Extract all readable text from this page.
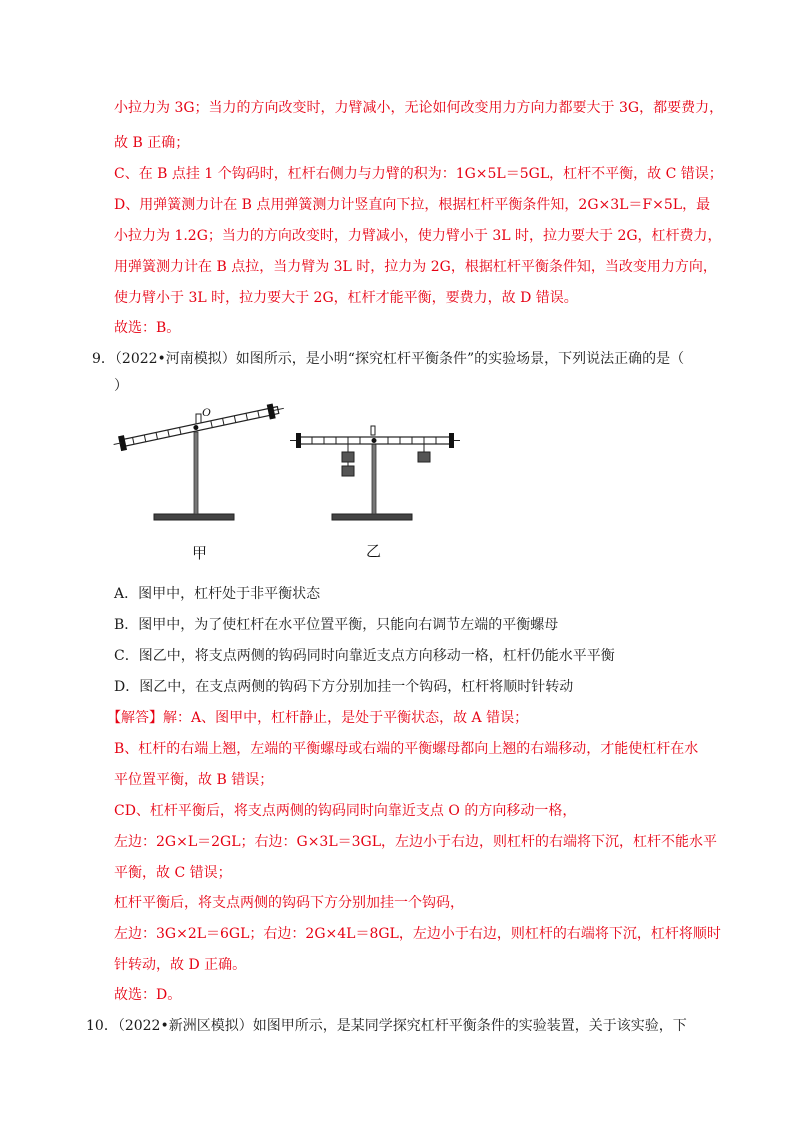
小拉力为 3G；当力的方向改变时，力臂减小，无论如何改变用力方向力都要大于 3G，都要费力，
故 B 正确；
C、在 B 点挂 1 个钩码时，杠杆右侧力与力臂的积为：1G×5L＝5GL，杠杆不平衡，故 C 错误；
D、用弹簧测力计在 B 点用弹簧测力计竖直向下拉，根据杠杆平衡条件知，2G×3L＝F×5L，最
小拉力为 1.2G；当力的方向改变时，力臂减小，使力臂小于 3L 时，拉力要大于 2G，杠杆费力，
用弹簧测力计在 B 点拉，当力臂为 3L 时，拉力为 2G，根据杠杆平衡条件知，当改变用力方向，
使力臂小于 3L 时，拉力要大于 2G，杠杆才能平衡，要费力，故 D 错误。
故选：B。
9．（2022•河南模拟）如图所示，是小明“探究杠杆平衡条件”的实验场景，下列说法正确的是（
）
O
甲	乙
A．图甲中，杠杆处于非平衡状态
B．图甲中，为了使杠杆在水平位置平衡，只能向右调节左端的平衡螺母
C．图乙中，将支点两侧的钩码同时向靠近支点方向移动一格，杠杆仍能水平平衡
D．图乙中，在支点两侧的钩码下方分别加挂一个钩码，杠杆将顺时针转动
【解答】解：A、图甲中，杠杆静止，是处于平衡状态，故 A 错误；
B、杠杆的右端上翘，左端的平衡螺母或右端的平衡螺母都向上翘的右端移动，才能使杠杆在水
平位置平衡，故 B 错误；
CD、杠杆平衡后，将支点两侧的钩码同时向靠近支点 O 的方向移动一格，
左边：2G×L＝2GL；右边：G×3L＝3GL，左边小于右边，则杠杆的右端将下沉，杠杆不能水平
平衡，故 C 错误；
杠杆平衡后，将支点两侧的钩码下方分别加挂一个钩码，
左边：3G×2L＝6GL；右边：2G×4L＝8GL，左边小于右边，则杠杆的右端将下沉，杠杆将顺时
针转动，故 D 正确。
故选：D。
10．（2022•新洲区模拟）如图甲所示，是某同学探究杠杆平衡条件的实验装置，关于该实验，下
